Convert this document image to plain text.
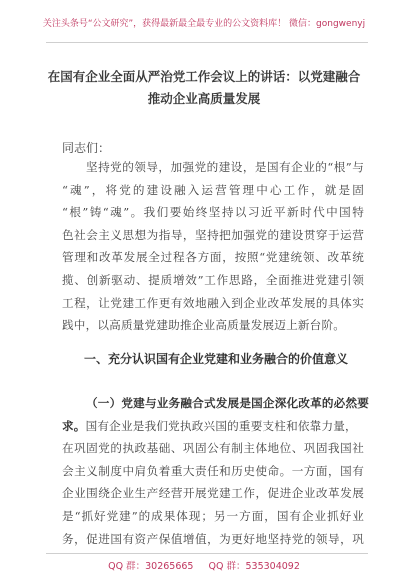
关注头条号“公文研究”，获得最新最全最专业的公文资料库！ 微信：gongwenyj
在国有企业全面从严治党工作会议上的讲话：以党建融合
推动企业高质量发展
同志们：
坚持党的领导，加强党的建设，是国有企业的“根”与
“魂”，将党的建设融入运营管理中心工作，就是固
“根”铸“魂”。我们要始终坚持以习近平新时代中国特
色社会主义思想为指导，坚持把加强党的建设贯穿于运营
管理和改革发展全过程各方面，按照“党建统领、改革统
揽、创新驱动、提质增效”工作思路，全面推进党建引领
工程，让党建工作更有效地融入到企业改革发展的具体实
践中，以高质量党建助推企业高质量发展迈上新台阶。
一、充分认识国有企业党建和业务融合的价值意义
（一）党建与业务融合式发展是国企深化改革的必然要
求。国有企业是我们党执政兴国的重要支柱和依靠力量，
在巩固党的执政基础、巩固公有制主体地位、巩固我国社
会主义制度中肩负着重大责任和历史使命。一方面，国有
企业围绕企业生产经营开展党建工作，促进企业改革发展
是“抓好党建”的成果体现；另一方面，国有企业抓好业
务，促进国有资产保值增值，为更好地坚持党的领导，巩
QQ 群：30265665 QQ 群：535304092
